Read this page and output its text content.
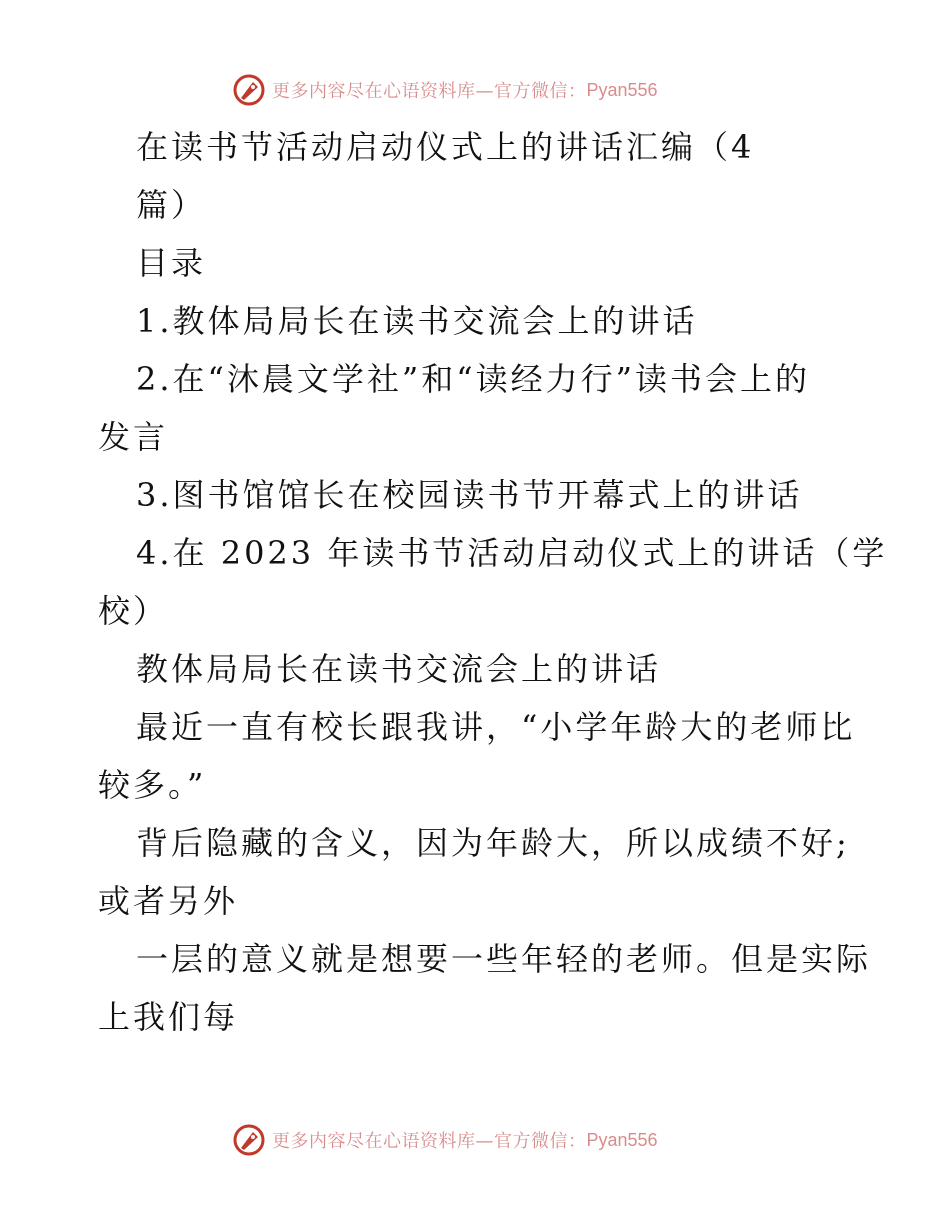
更多内容尽在心语资料库—官方微信： Pyan556
在读书节活动启动仪式上的讲话汇编（4
篇）
目录
1.教体局局长在读书交流会上的讲话
2.在“沐晨文学社”和“读经力行”读书会上的
发言
3.图书馆馆长在校园读书节开幕式上的讲话
4.在 2023 年读书节活动启动仪式上的讲话（学
校）
教体局局长在读书交流会上的讲话
最近一直有校长跟我讲，“小学年龄大的老师比
较多。”
背后隐藏的含义，因为年龄大，所以成绩不好;
或者另外
一层的意义就是想要一些年轻的老师。但是实际
上我们每
更多内容尽在心语资料库—官方微信： Pyan556
